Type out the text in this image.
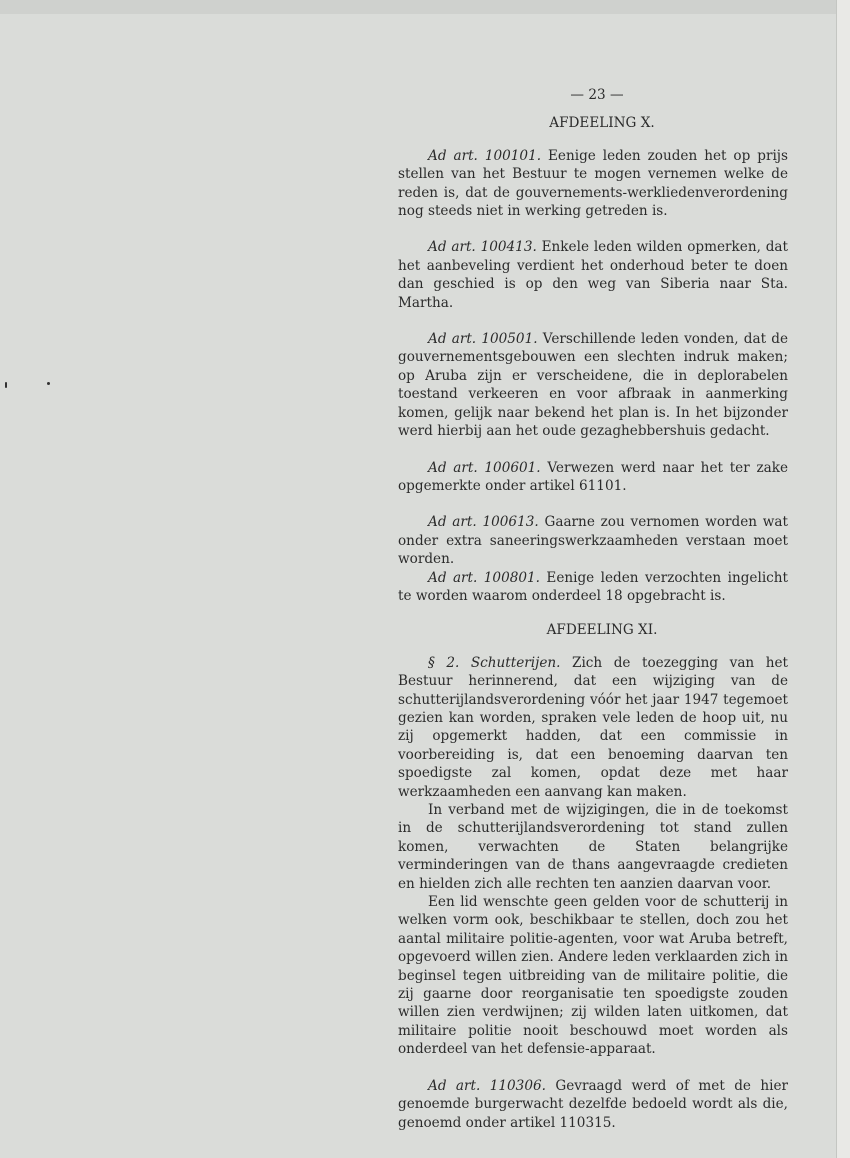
— 23 —
AFDEELING X.

Ad art. 100101. Eenige leden zouden het op prijs stellen van het Bestuur te mogen vernemen welke de reden is, dat de gouvernements-werkliedenverordening nog steeds niet in werking getreden is.

Ad art. 100413. Enkele leden wilden opmerken, dat het aanbeveling verdient het onderhoud beter te doen dan geschied is op den weg van Siberia naar Sta. Martha.

Ad art. 100501. Verschillende leden vonden, dat de gouvernementsgebouwen een slechten indruk maken; op Aruba zijn er verscheidene, die in deplorabelen toestand verkeeren en voor afbraak in aanmerking komen, gelijk naar bekend het plan is. In het bijzonder werd hierbij aan het oude gezaghebbershuis gedacht.

Ad art. 100601. Verwezen werd naar het ter zake opgemerkte onder artikel 61101.

Ad art. 100613. Gaarne zou vernomen worden wat onder extra saneeringswerkzaamheden verstaan moet worden.

Ad art. 100801. Eenige leden verzochten ingelicht te worden waarom onderdeel 18 opgebracht is.

AFDEELING XI.

§ 2. Schutterijen. Zich de toezegging van het Bestuur herinnerend, dat een wijziging van de schutterijlandsverordening vóór het jaar 1947 tegemoet gezien kan worden, spraken vele leden de hoop uit, nu zij opgemerkt hadden, dat een commissie in voorbereiding is, dat een benoeming daarvan ten spoedigste zal komen, opdat deze met haar werkzaamheden een aanvang kan maken.

In verband met de wijzigingen, die in de toekomst in de schutterijlandsverordening tot stand zullen komen, verwachten de Staten belangrijke verminderingen van de thans aangevraagde credieten en hielden zich alle rechten ten aanzien daarvan voor.

Een lid wenschte geen gelden voor de schutterij in welken vorm ook, beschikbaar te stellen, doch zou het aantal militaire politie-agenten, voor wat Aruba betreft, opgevoerd willen zien. Andere leden verklaarden zich in beginsel tegen uitbreiding van de militaire politie, die zij gaarne door reorganisatie ten spoedigste zouden willen zien verdwijnen; zij wilden laten uitkomen, dat militaire politie nooit beschouwd moet worden als onderdeel van het defensie-apparaat.

Ad art. 110306. Gevraagd werd of met de hier genoemde burgerwacht dezelfde bedoeld wordt als die, genoemd onder artikel 110315.
